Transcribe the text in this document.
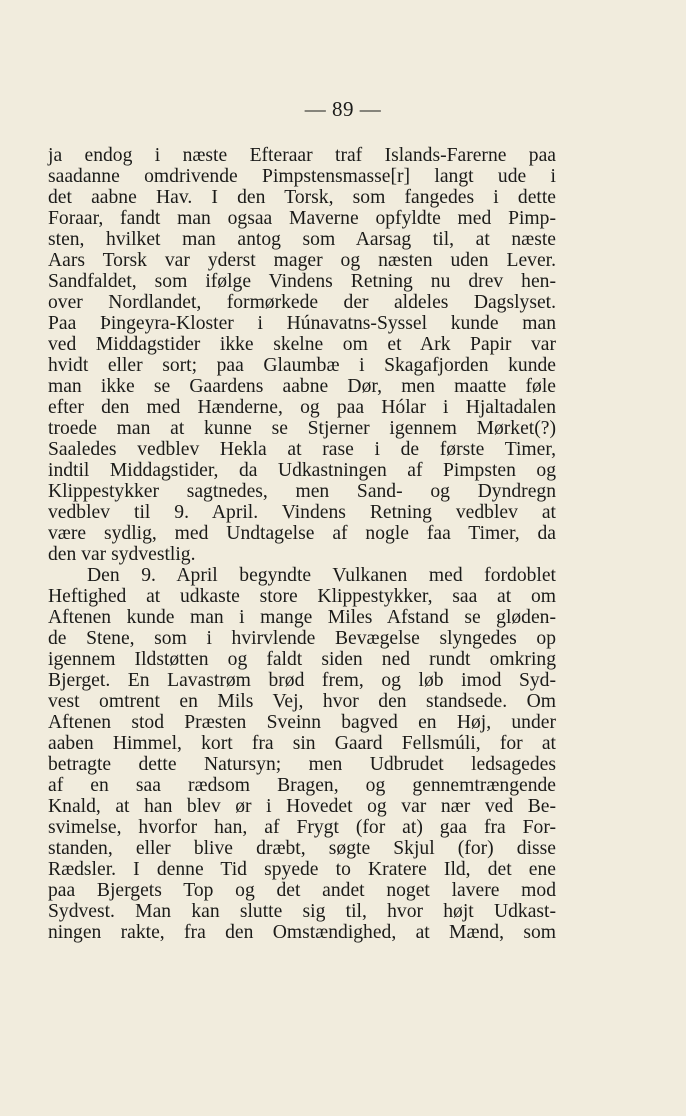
— 89 —
ja endog i næste Efteraar traf Islands-Farerne paa
saadanne omdrivende Pimpstensmasse[r] langt ude i
det aabne Hav. I den Torsk, som fangedes i dette
Foraar, fandt man ogsaa Maverne opfyldte med Pimp-
sten, hvilket man antog som Aarsag til, at næste
Aars Torsk var yderst mager og næsten uden Lever.
Sandfaldet, som ifølge Vindens Retning nu drev hen-
over Nordlandet, formørkede der aldeles Dagslyset.
Paa Þingeyra-Kloster i Húnavatns-Syssel kunde man
ved Middagstider ikke skelne om et Ark Papir var
hvidt eller sort; paa Glaumbæ i Skagafjorden kunde
man ikke se Gaardens aabne Dør, men maatte føle
efter den med Hænderne, og paa Hólar i Hjaltadalen
troede man at kunne se Stjerner igennem Mørket(?)
Saaledes vedblev Hekla at rase i de første Timer,
indtil Middagstider, da Udkastningen af Pimpsten og
Klippestykker sagtnedes, men Sand- og Dyndregn
vedblev til 9. April. Vindens Retning vedblev at
være sydlig, med Undtagelse af nogle faa Timer, da
den var sydvestlig.
Den 9. April begyndte Vulkanen med fordoblet
Heftighed at udkaste store Klippestykker, saa at om
Aftenen kunde man i mange Miles Afstand se gløden-
de Stene, som i hvirvlende Bevægelse slyngedes op
igennem Ildstøtten og faldt siden ned rundt omkring
Bjerget. En Lavastrøm brød frem, og løb imod Syd-
vest omtrent en Mils Vej, hvor den standsede. Om
Aftenen stod Præsten Sveinn bagved en Høj, under
aaben Himmel, kort fra sin Gaard Fellsmúli, for at
betragte dette Natursyn; men Udbrudet ledsagedes
af en saa rædsom Bragen, og gennemtrængende
Knald, at han blev ør i Hovedet og var nær ved Be-
svimelse, hvorfor han, af Frygt (for at) gaa fra For-
standen, eller blive dræbt, søgte Skjul (for) disse
Rædsler. I denne Tid spyede to Kratere Ild, det ene
paa Bjergets Top og det andet noget lavere mod
Sydvest. Man kan slutte sig til, hvor højt Udkast-
ningen rakte, fra den Omstændighed, at Mænd, som
